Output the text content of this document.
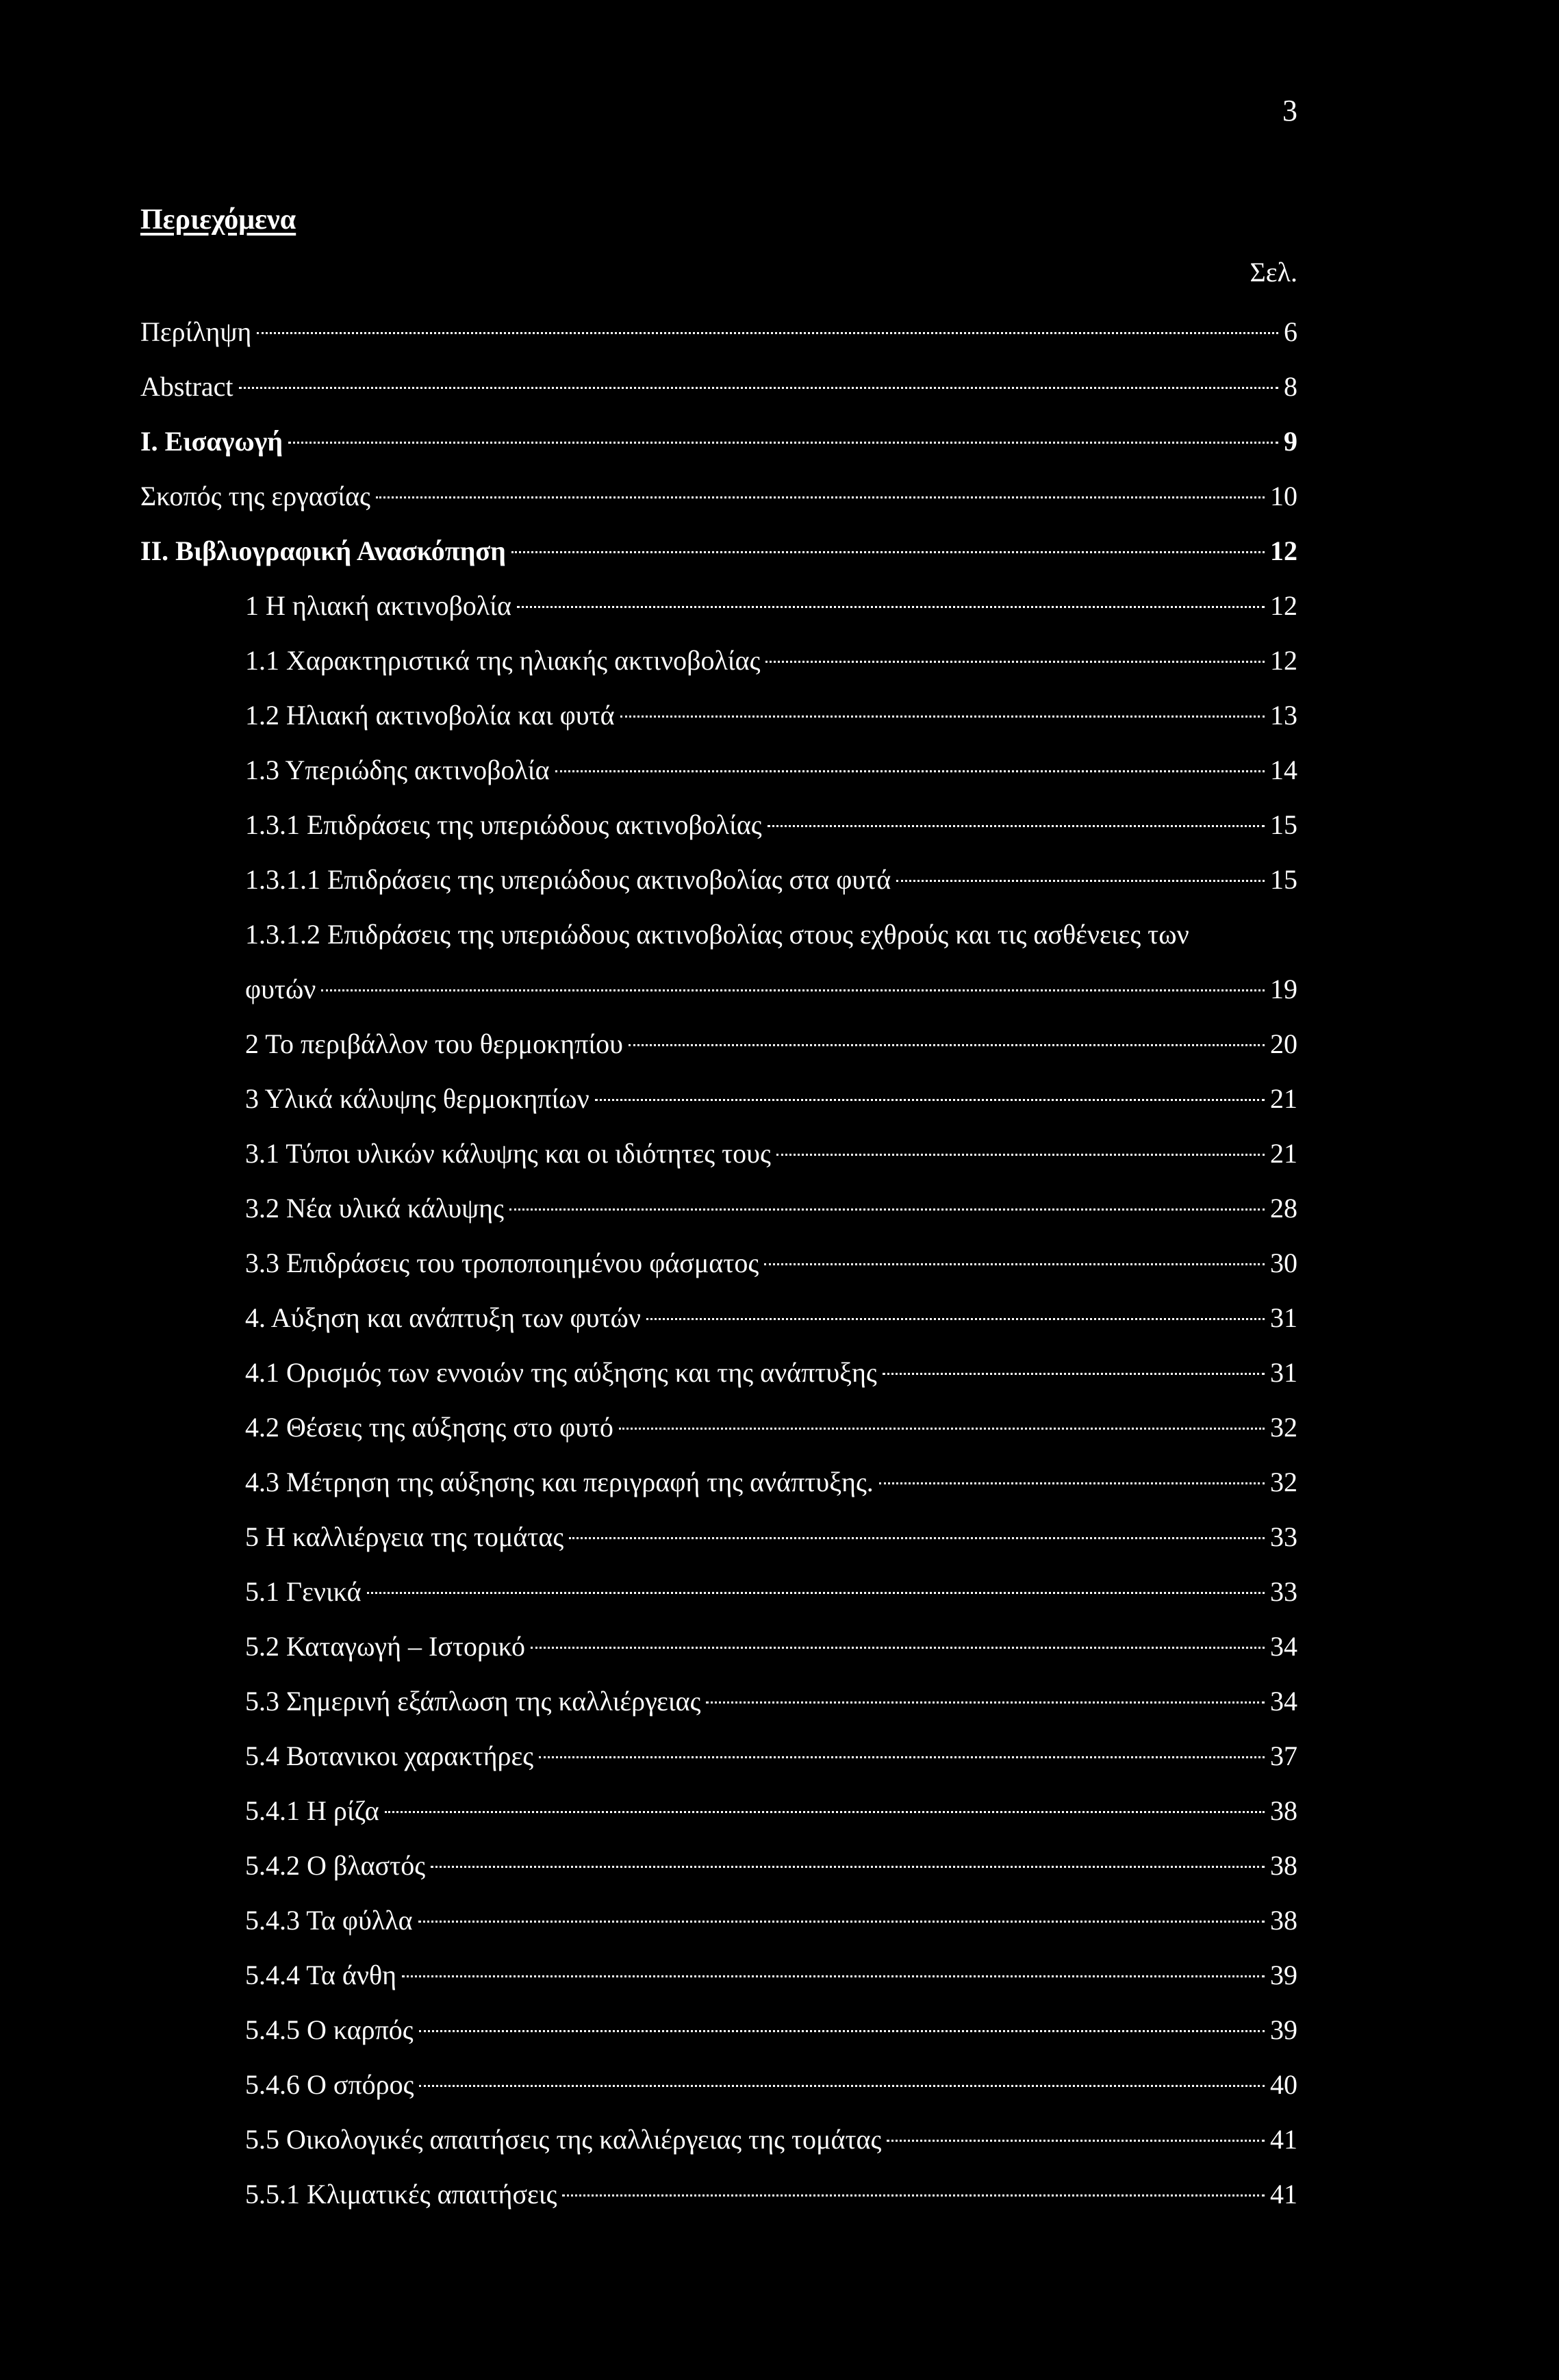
3
Περιεχόμενα
Σελ.
Περίληψη	6
Abstract	8
I. Εισαγωγή	9
Σκοπός της εργασίας	10
II. Βιβλιογραφική Ανασκόπηση	12
1 Η ηλιακή ακτινοβολία	12
1.1 Χαρακτηριστικά της ηλιακής ακτινοβολίας	12
1.2 Ηλιακή ακτινοβολία και φυτά	13
1.3 Υπεριώδης ακτινοβολία	14
1.3.1 Επιδράσεις της υπεριώδους ακτινοβολίας	15
1.3.1.1 Επιδράσεις της υπεριώδους ακτινοβολίας στα φυτά	15
1.3.1.2 Επιδράσεις της υπεριώδους ακτινοβολίας στους εχθρούς και τις ασθένειες των
φυτών	19
2 Το περιβάλλον του θερμοκηπίου	20
3 Υλικά κάλυψης θερμοκηπίων	21
3.1 Τύποι υλικών κάλυψης και οι ιδιότητες τους	21
3.2 Νέα υλικά κάλυψης	28
3.3 Επιδράσεις του τροποποιημένου φάσματος	30
4. Αύξηση και ανάπτυξη των φυτών	31
4.1 Ορισμός των εννοιών της αύξησης και της ανάπτυξης	31
4.2 Θέσεις της αύξησης στο φυτό	32
4.3 Μέτρηση της αύξησης και περιγραφή της ανάπτυξης.	32
5 Η καλλιέργεια της τομάτας	33
5.1 Γενικά	33
5.2 Καταγωγή – Ιστορικό	34
5.3 Σημερινή εξάπλωση της καλλιέργειας	34
5.4 Βοτανικοι χαρακτήρες	37
5.4.1 Η ρίζα	38
5.4.2 Ο βλαστός	38
5.4.3 Τα φύλλα	38
5.4.4 Τα άνθη	39
5.4.5 Ο καρπός	39
5.4.6 Ο σπόρος	40
5.5 Οικολογικές απαιτήσεις της καλλιέργειας της τομάτας	41
5.5.1 Κλιματικές απαιτήσεις	41
